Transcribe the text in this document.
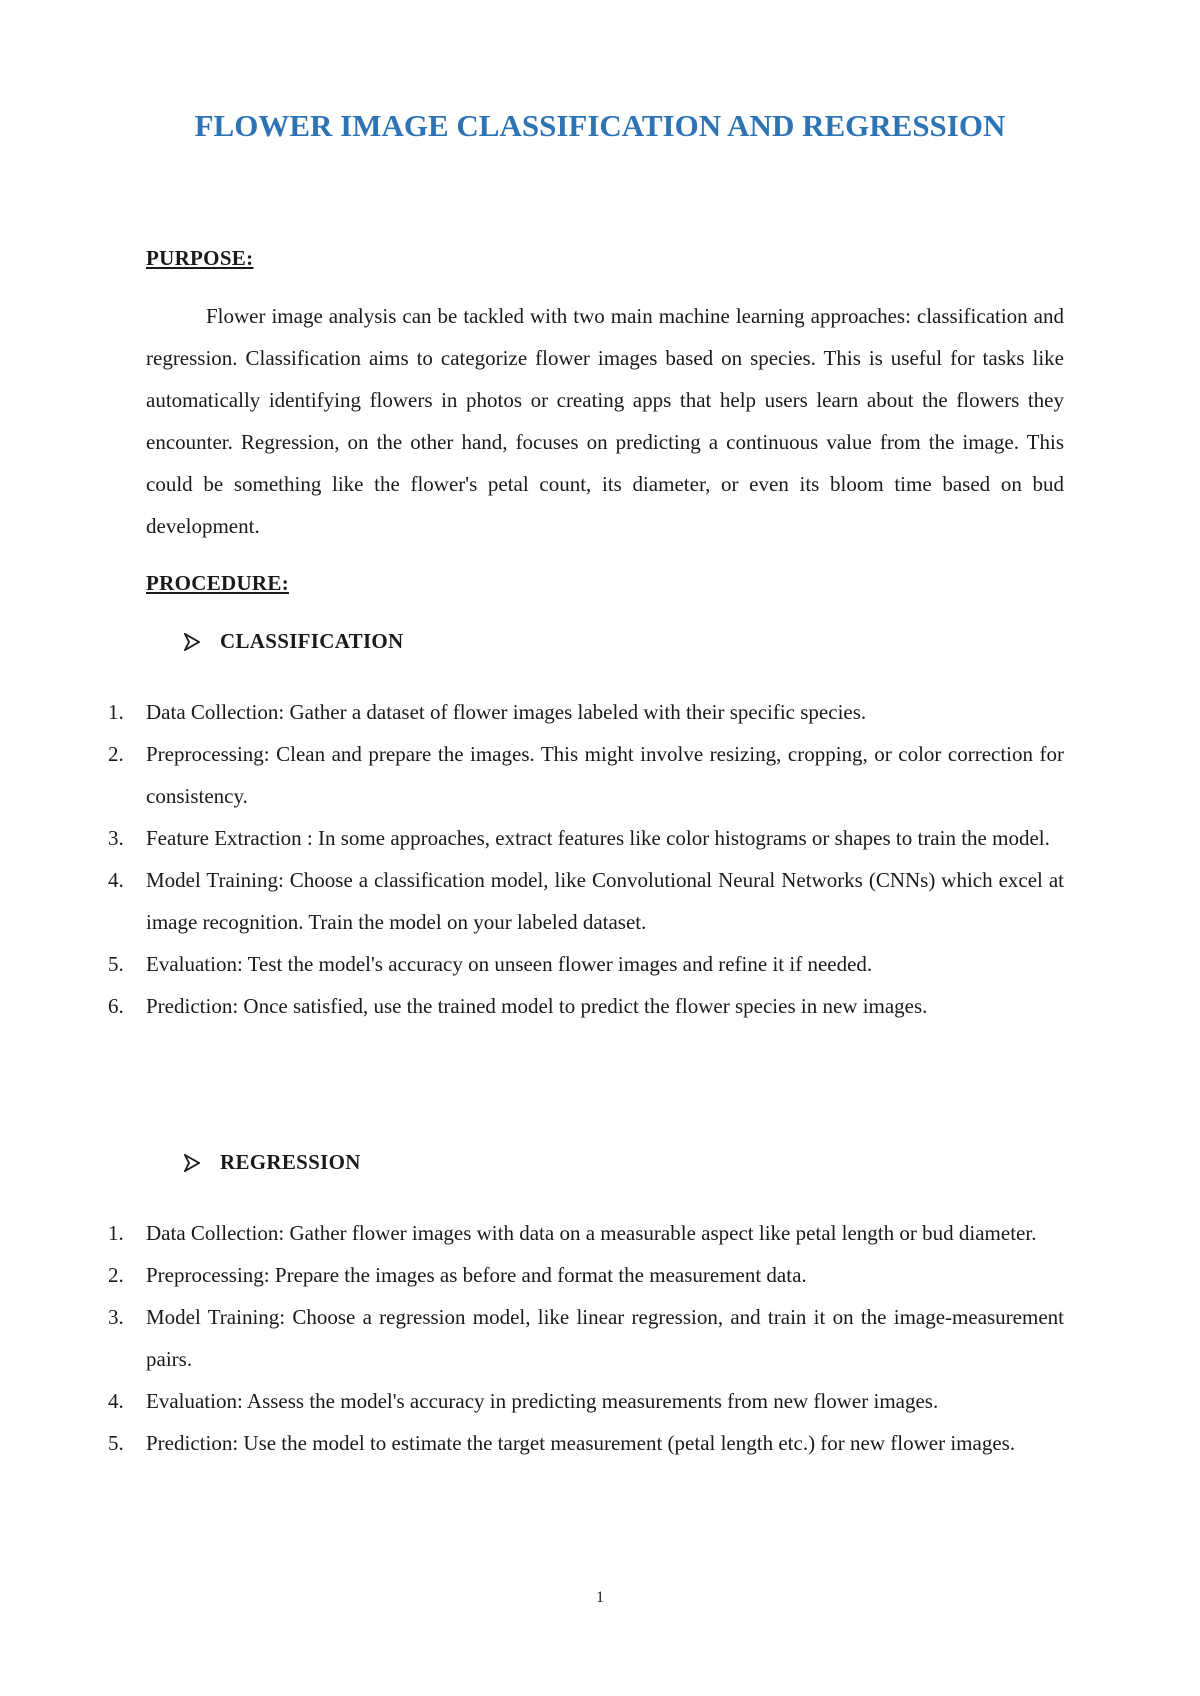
FLOWER IMAGE CLASSIFICATION AND REGRESSION
PURPOSE:
Flower image analysis can be tackled with two main machine learning approaches: classification and regression. Classification aims to categorize flower images based on species. This is useful for tasks like automatically identifying flowers in photos or creating apps that help users learn about the flowers they encounter. Regression, on the other hand, focuses on predicting a continuous value from the image. This could be something like the flower's petal count, its diameter, or even its bloom time based on bud development.
PROCEDURE:
CLASSIFICATION
1.	Data Collection: Gather a dataset of flower images labeled with their specific species.
2.	Preprocessing: Clean and prepare the images. This might involve resizing, cropping, or color correction for consistency.
3.	Feature Extraction : In some approaches, extract features like color histograms or shapes to train the model.
4.	Model Training: Choose a classification model, like Convolutional Neural Networks (CNNs) which excel at image recognition. Train the model on your labeled dataset.
5.	Evaluation: Test the model's accuracy on unseen flower images and refine it if needed.
6.	Prediction: Once satisfied, use the trained model to predict the flower species in new images.
REGRESSION
1.	Data Collection: Gather flower images with data on a measurable aspect like petal length or bud diameter.
2.	Preprocessing: Prepare the images as before and format the measurement data.
3.	Model Training: Choose a regression model, like linear regression, and train it on the image-measurement pairs.
4.	Evaluation: Assess the model's accuracy in predicting measurements from new flower images.
5.	Prediction: Use the model to estimate the target measurement (petal length etc.) for new flower images.
1
